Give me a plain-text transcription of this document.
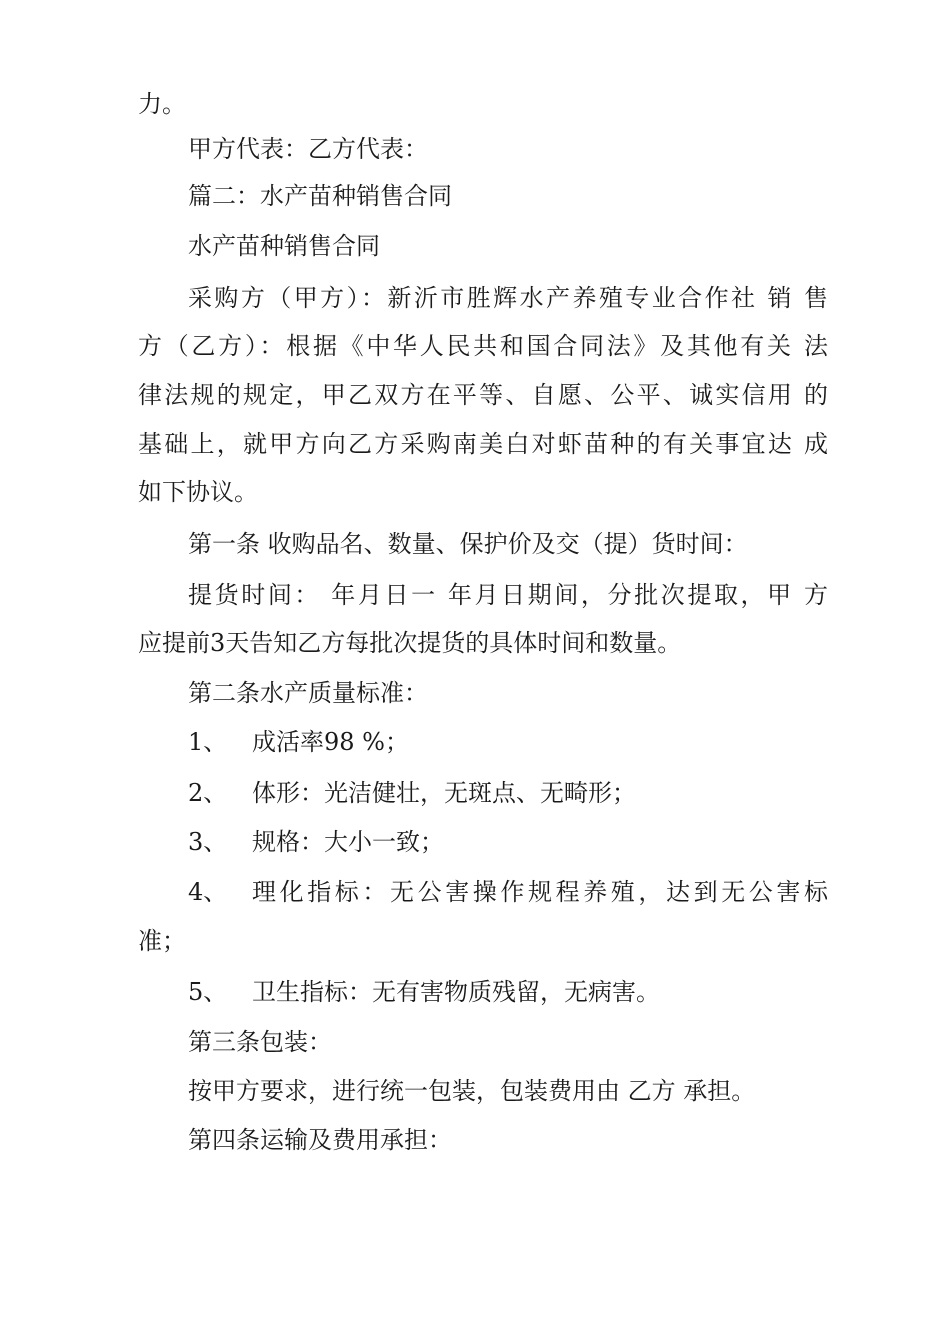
力。
甲方代表：乙方代表：
篇二：水产苗种销售合同
水产苗种销售合同
采购方（甲方）：新沂市胜辉水产养殖专业合作社 销 售
方（乙方）：根据《中华人民共和国合同法》及其他有关 法
律法规的规定，甲乙双方在平等、自愿、公平、诚实信用 的
基础上，就甲方向乙方采购南美白对虾苗种的有关事宜达 成
如下协议。
第一条 收购品名、数量、保护价及交（提）货时间：
提货时间： 年月日一 年月日期间，分批次提取，甲 方
应提前3天告知乙方每批次提货的具体时间和数量。
第二条水产质量标准：
1、	成活率98 %；
2、	体形：光洁健壮，无斑点、无畸形；
3、	规格：大小一致；
4、	理化指标：无公害操作规程养殖，达到无公害标
准；
5、	卫生指标：无有害物质残留，无病害。
第三条包装：
按甲方要求，进行统一包装，包装费用由 乙方 承担。
第四条运输及费用承担：
